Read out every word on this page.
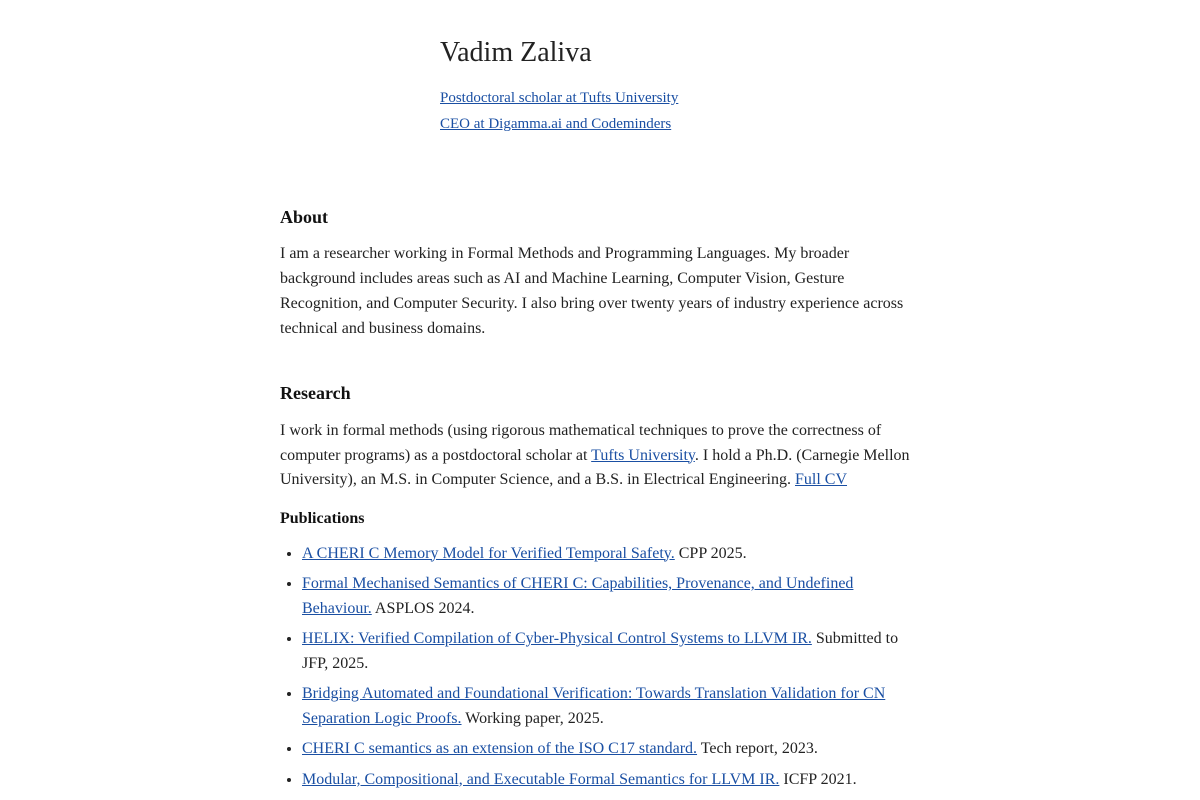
Vadim Zaliva
Postdoctoral scholar at Tufts University
CEO at Digamma.ai and Codeminders
About

I am a researcher working in Formal Methods and Programming Languages. My broader background includes areas such as AI and Machine Learning, Computer Vision, Gesture Recognition, and Computer Security. I also bring over twenty years of industry experience across technical and business domains.

Research

I work in formal methods (using rigorous mathematical techniques to prove the correctness of computer programs) as a postdoctoral scholar at Tufts University. I hold a Ph.D. (Carnegie Mellon University), an M.S. in Computer Science, and a B.S. in Electrical Engineering. Full CV

Publications
• A CHERI C Memory Model for Verified Temporal Safety. CPP 2025.
• Formal Mechanised Semantics of CHERI C: Capabilities, Provenance, and Undefined Behaviour. ASPLOS 2024.
• HELIX: Verified Compilation of Cyber-Physical Control Systems to LLVM IR. Submitted to JFP, 2025.
• Bridging Automated and Foundational Verification: Towards Translation Validation for CN Separation Logic Proofs. Working paper, 2025.
• CHERI C semantics as an extension of the ISO C17 standard. Tech report, 2023.
• Modular, Compositional, and Executable Formal Semantics for LLVM IR. ICFP 2021.
